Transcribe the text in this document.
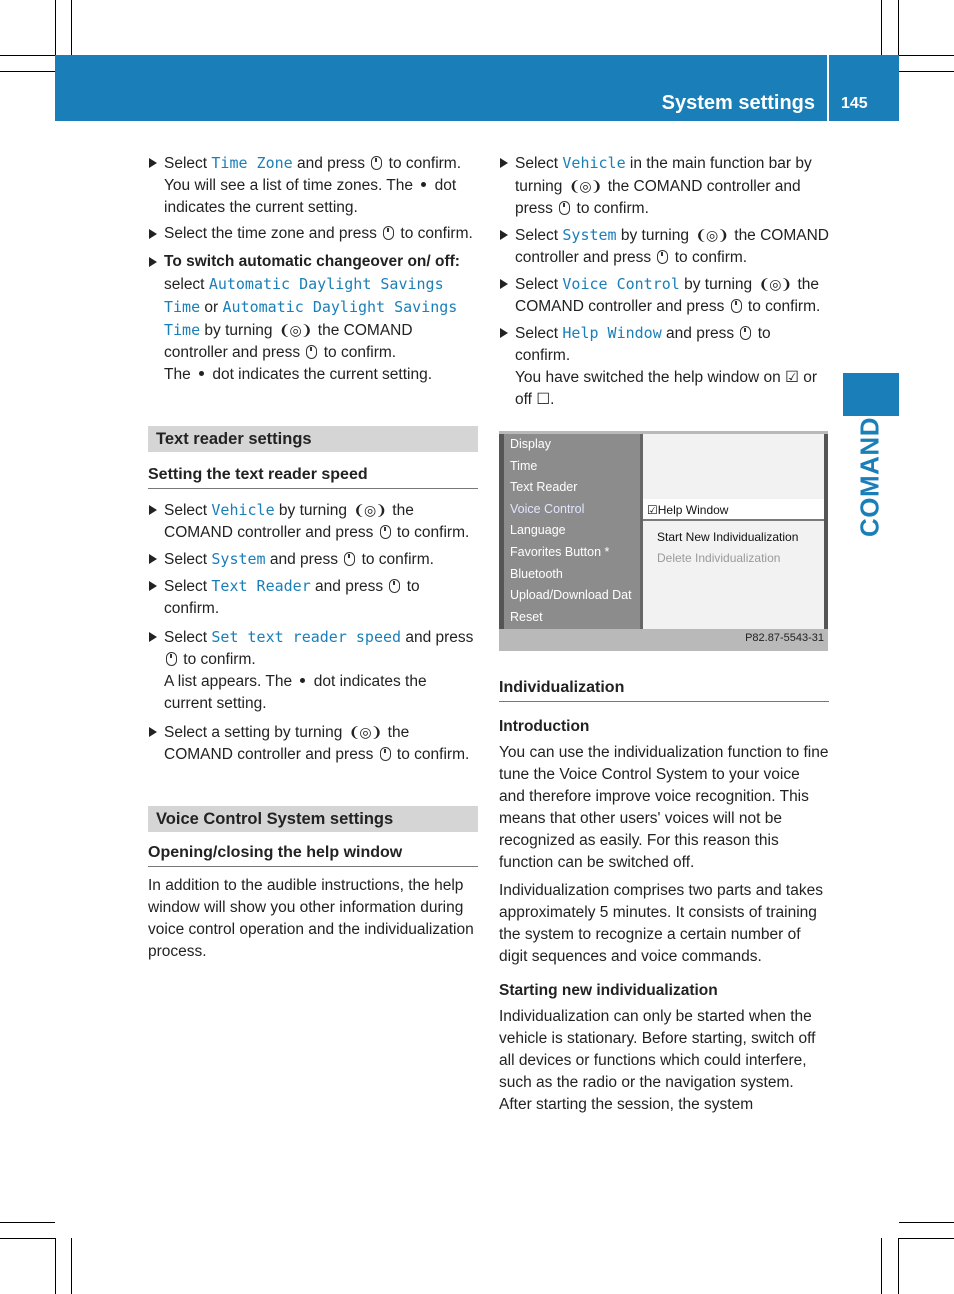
System settings 145
COMAND
Select Time Zone and press  to confirm.
You will see a list of time zones. The  dot indicates the current setting.
Select the time zone and press  to confirm.
To switch automatic changeover on/ off: select Automatic Daylight Savings Time or Automatic Daylight Savings Time by turning ❨◎❩ the COMAND controller and press  to confirm.
The  dot indicates the current setting.
Text reader settings
Setting the text reader speed
Select Vehicle by turning ❨◎❩ the COMAND controller and press  to confirm.
Select System and press  to confirm.
Select Text Reader and press  to confirm.
Select Set text reader speed and press  to confirm.
A list appears. The  dot indicates the current setting.
Select a setting by turning ❨◎❩ the COMAND controller and press  to confirm.
Voice Control System settings
Opening/closing the help window
In addition to the audible instructions, the help window will show you other information during voice control operation and the individualization process.
Select Vehicle in the main function bar by turning ❨◎❩ the COMAND controller and press  to confirm.
Select System by turning ❨◎❩ the COMAND controller and press  to confirm.
Select Voice Control by turning ❨◎❩ the COMAND controller and press  to confirm.
Select Help Window and press  to confirm.
You have switched the help window on ☑ or off ☐.
Display
Time
Text Reader
Voice Control
Language
Favorites Button *
Bluetooth
Upload/Download Dat
Reset
☑Help Window
Start New Individualization
Delete Individualization
P82.87-5543-31
Individualization
Introduction
You can use the individualization function to fine tune the Voice Control System to your voice and therefore improve voice recognition. This means that other users' voices will not be recognized as easily. For this reason this function can be switched off.
Individualization comprises two parts and takes approximately 5 minutes. It consists of training the system to recognize a certain number of digit sequences and voice commands.
Starting new individualization
Individualization can only be started when the vehicle is stationary. Before starting, switch off all devices or functions which could interfere, such as the radio or the navigation system. After starting the session, the system
